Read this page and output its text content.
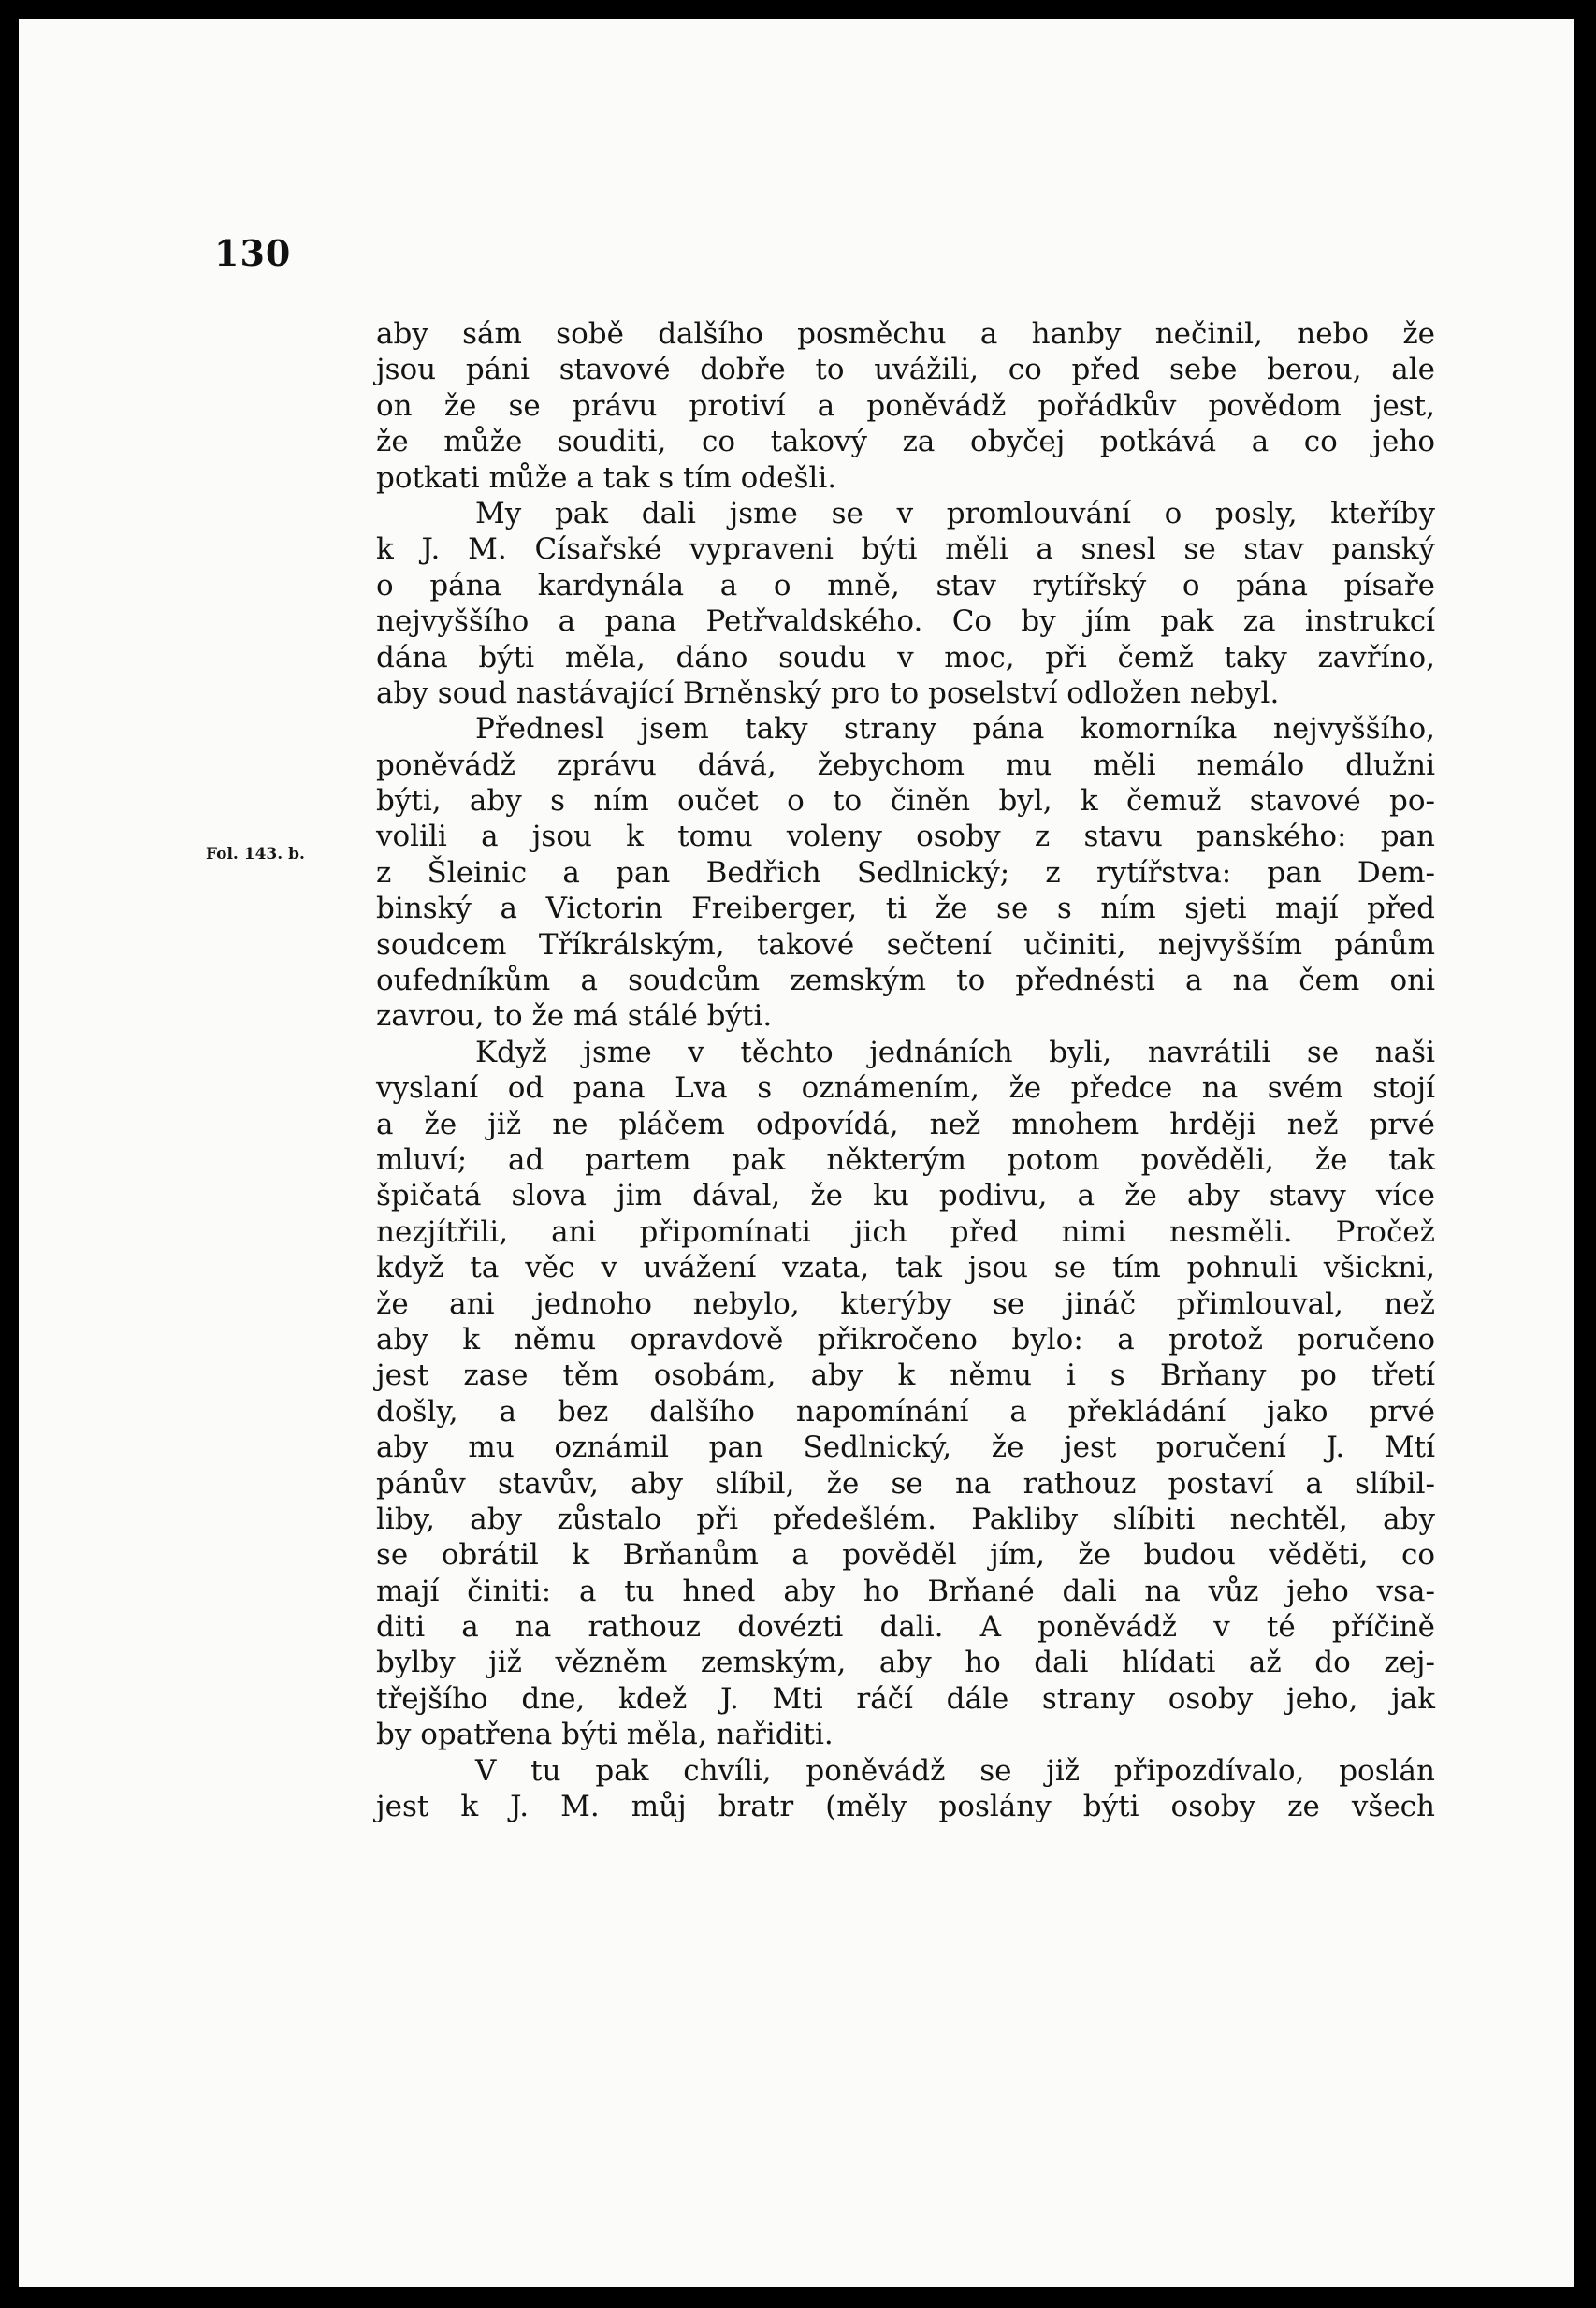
130
Fol. 143. b.
aby sám sobě dalšího posměchu a hanby nečinil, nebo že
jsou páni stavové dobře to uvážili, co před sebe berou, ale
on že se právu protiví a poněvádž pořádkův povědom jest,
že může souditi, co takový za obyčej potkává a co jeho
potkati může a tak s tím odešli.
My pak dali jsme se v promlouvání o posly, kteříby
k J. M. Císařské vypraveni býti měli a snesl se stav panský
o pána kardynála a o mně, stav rytířský o pána písaře
nejvyššího a pana Petřvaldského. Co by jím pak za instrukcí
dána býti měla, dáno soudu v moc, při čemž taky zavříno,
aby soud nastávající Brněnský pro to poselství odložen nebyl.
Přednesl jsem taky strany pána komorníka nejvyššího,
poněvádž zprávu dává, žebychom mu měli nemálo dlužni
býti, aby s ním oučet o to činěn byl, k čemuž stavové po-
volili a jsou k tomu voleny osoby z stavu panského: pan
z Šleinic a pan Bedřich Sedlnický; z rytířstva: pan Dem-
binský a Victorin Freiberger, ti že se s ním sjeti mají před
soudcem Tříkrálským, takové sečtení učiniti, nejvyšším pánům
oufedníkům a soudcům zemským to přednésti a na čem oni
zavrou, to že má stálé býti.
Když jsme v těchto jednáních byli, navrátili se naši
vyslaní od pana Lva s oznámením, že předce na svém stojí
a že již ne pláčem odpovídá, než mnohem hrději než prvé
mluví; ad partem pak některým potom pověděli, že tak
špičatá slova jim dával, že ku podivu, a že aby stavy více
nezjítřili, ani připomínati jich před nimi nesměli. Pročež
když ta věc v uvážení vzata, tak jsou se tím pohnuli všickni,
že ani jednoho nebylo, kterýby se jináč přimlouval, než
aby k němu opravdově přikročeno bylo: a protož poručeno
jest zase těm osobám, aby k němu i s Brňany po třetí
došly, a bez dalšího napomínání a překládání jako prvé
aby mu oznámil pan Sedlnický, že jest poručení J. Mtí
pánův stavův, aby slíbil, že se na rathouz postaví a slíbil-
liby, aby zůstalo při předešlém. Pakliby slíbiti nechtěl, aby
se obrátil k Brňanům a pověděl jím, že budou věděti, co
mají činiti: a tu hned aby ho Brňané dali na vůz jeho vsa-
diti a na rathouz dovézti dali. A poněvádž v té příčině
bylby již vězněm zemským, aby ho dali hlídati až do zej-
třejšího dne, kdež J. Mti ráčí dále strany osoby jeho, jak
by opatřena býti měla, nařiditi.
V tu pak chvíli, poněvádž se již připozdívalo, poslán
jest k J. M. můj bratr (měly poslány býti osoby ze všech
